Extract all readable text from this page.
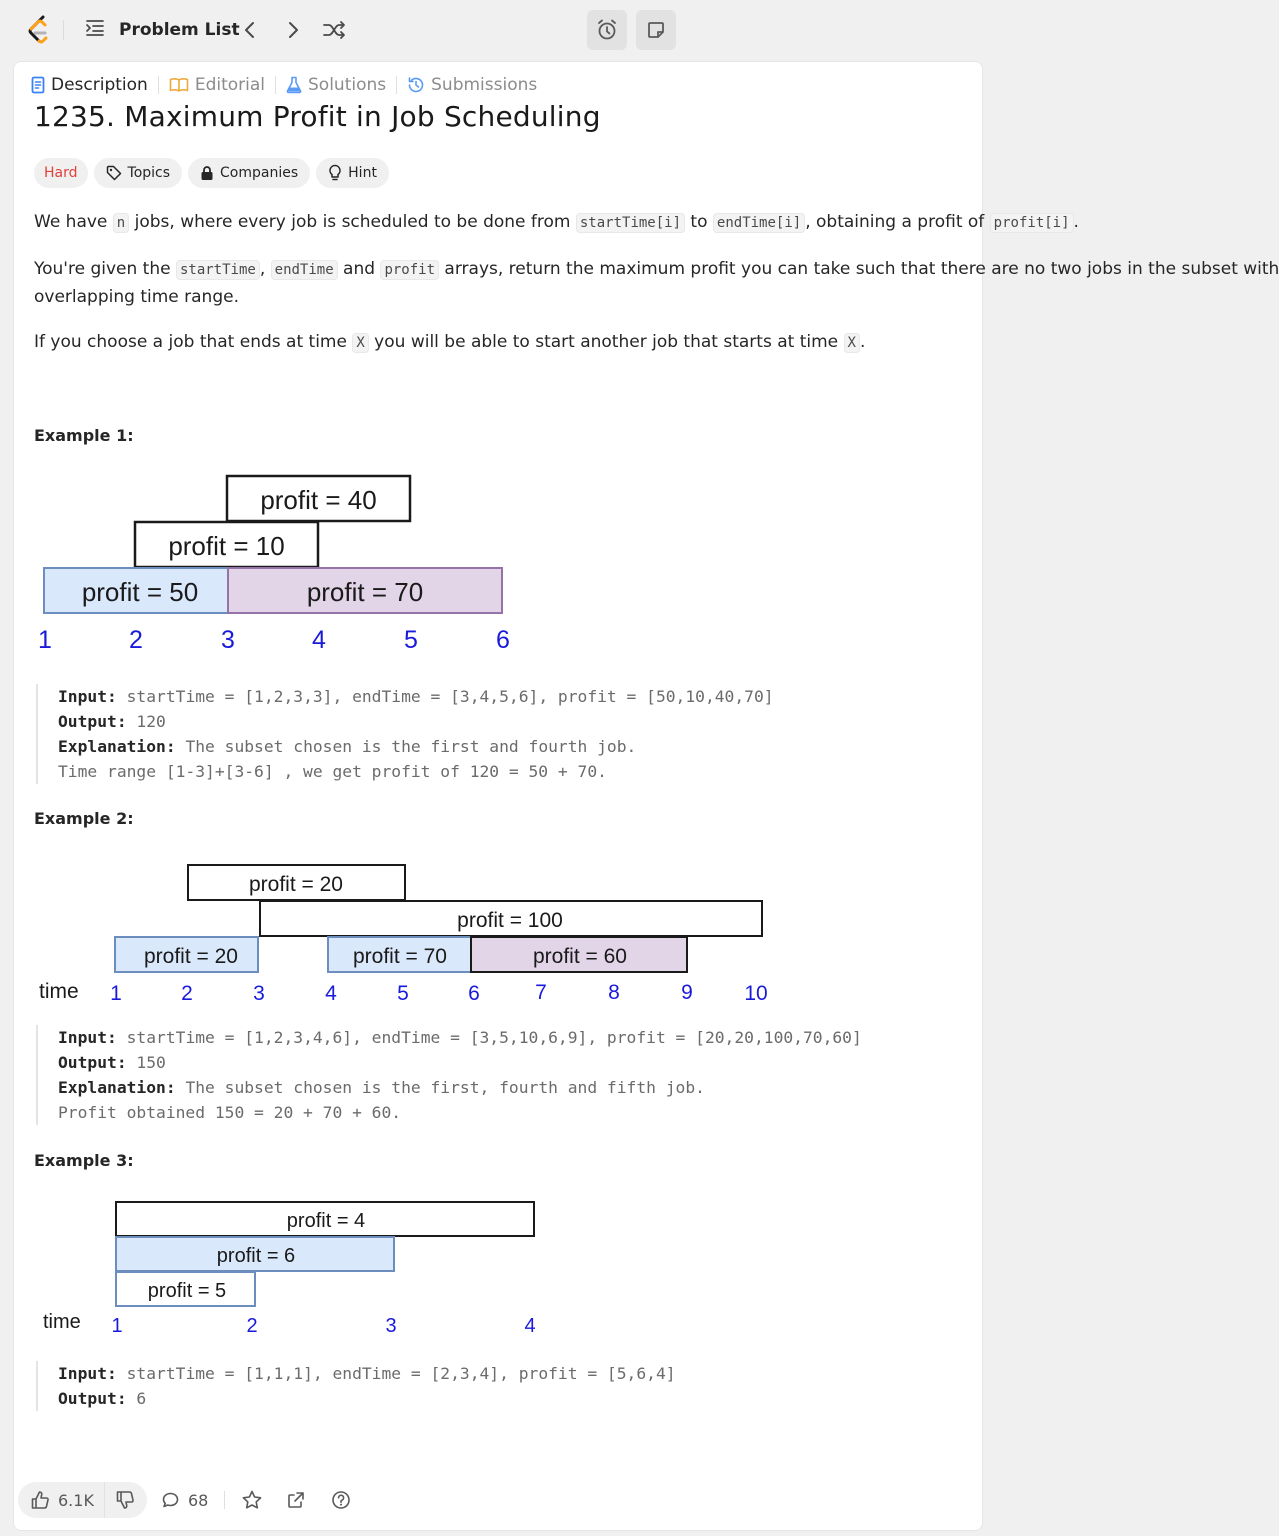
Problem List
Description	Editorial	Solutions	Submissions
1235. Maximum Profit in Job Scheduling
Hard	Topics	Companies	Hint
We have n jobs, where every job is scheduled to be done from startTime[i] to endTime[i] , obtaining a profit of profit[i] .
You're given the startTime , endTime and profit arrays, return the maximum profit you can take such that there are no two jobs in the subset with
overlapping time range.
If you choose a job that ends at time X you will be able to start another job that starts at time X .
Example 1:
profit = 40
profit = 10
profit = 50	profit = 70
1	2	3	4	5	6
Input: startTime = [1,2,3,3], endTime = [3,4,5,6], profit = [50,10,40,70]
Output: 120
Explanation: The subset chosen is the first and fourth job.
Time range [1-3]+[3-6] , we get profit of 120 = 50 + 70.
Example 2:
profit = 20
profit = 100
profit = 20	profit = 70	profit = 60
time 1	2	3	4	5	6	7	8	9 10
Input: startTime = [1,2,3,4,6], endTime = [3,5,10,6,9], profit = [20,20,100,70,60]
Output: 150
Explanation: The subset chosen is the first, fourth and fifth job.
Profit obtained 150 = 20 + 70 + 60.
Example 3:
profit = 4
profit = 6
profit = 5
time 1	2	3	4
Input: startTime = [1,1,1], endTime = [2,3,4], profit = [5,6,4]
Output: 6
6.1K	68
